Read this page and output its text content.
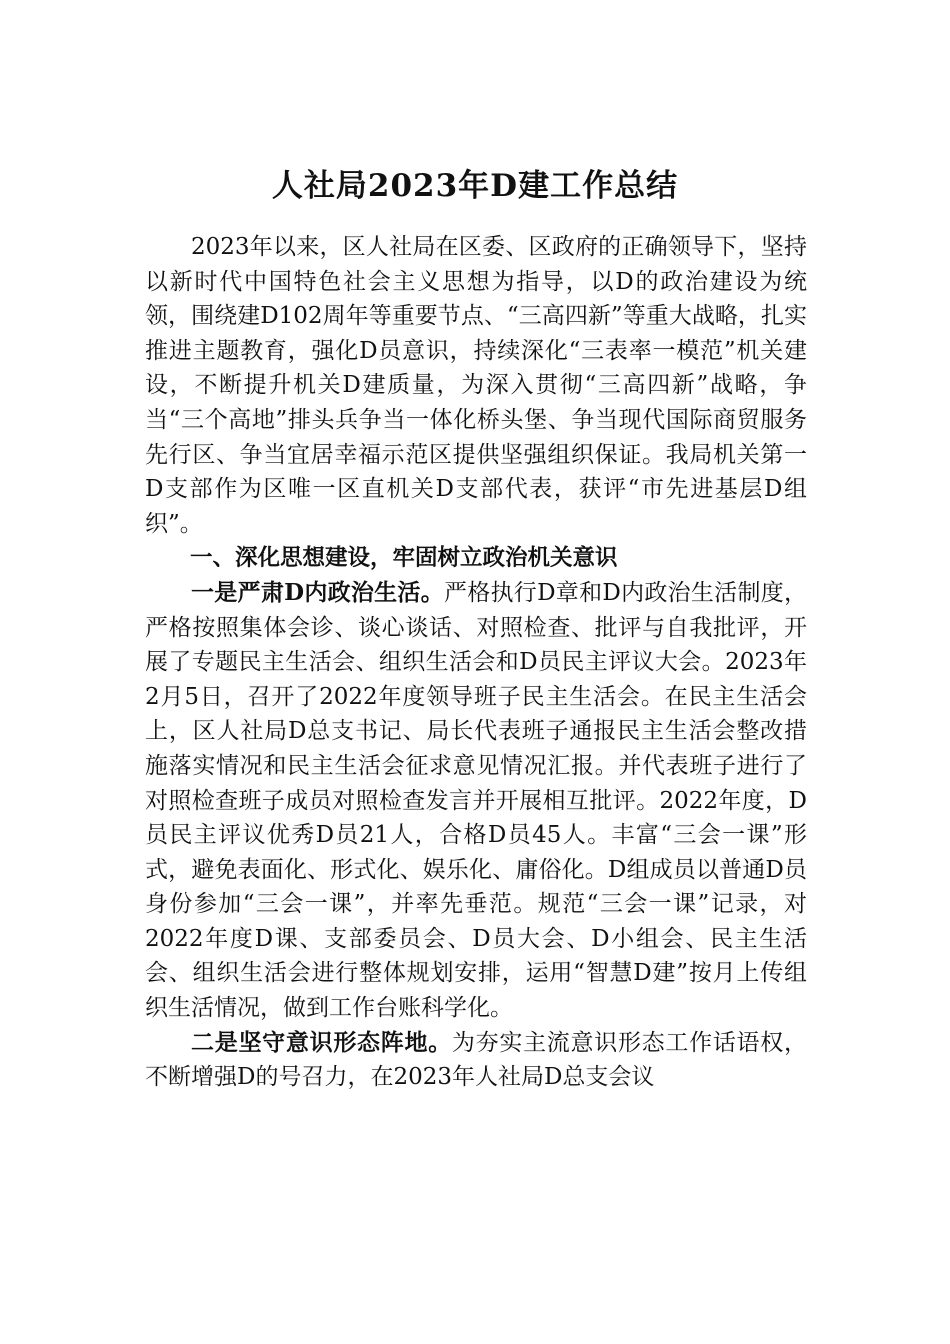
人社局2023年D建工作总结

2023年以来，区人社局在区委、区政府的正确领导下，坚持以新时代中国特色社会主义思想为指导，以D的政治建设为统领，围绕建D102周年等重要节点、“三高四新”等重大战略，扎实推进主题教育，强化D员意识，持续深化“三表率一模范”机关建设，不断提升机关D建质量，为深入贯彻“三高四新”战略，争当“三个高地”排头兵争当一体化桥头堡、争当现代国际商贸服务先行区、争当宜居幸福示范区提供坚强组织保证。我局机关第一D支部作为区唯一区直机关D支部代表，获评“市先进基层D组织”。

一、深化思想建设，牢固树立政治机关意识

一是严肃D内政治生活。严格执行D章和D内政治生活制度，严格按照集体会诊、谈心谈话、对照检查、批评与自我批评，开展了专题民主生活会、组织生活会和D员民主评议大会。2023年2月5日，召开了2022年度领导班子民主生活会。在民主生活会上，区人社局D总支书记、局长代表班子通报民主生活会整改措施落实情况和民主生活会征求意见情况汇报。并代表班子进行了对照检查班子成员对照检查发言并开展相互批评。2022年度，D员民主评议优秀D员21人，合格D员45人。丰富“三会一课”形式，避免表面化、形式化、娱乐化、庸俗化。D组成员以普通D员身份参加“三会一课”，并率先垂范。规范“三会一课”记录，对2022年度D课、支部委员会、D员大会、D小组会、民主生活会、组织生活会进行整体规划安排，运用“智慧D建”按月上传组织生活情况，做到工作台账科学化。

二是坚守意识形态阵地。为夯实主流意识形态工作话语权，不断增强D的号召力，在2023年人社局D总支会议
